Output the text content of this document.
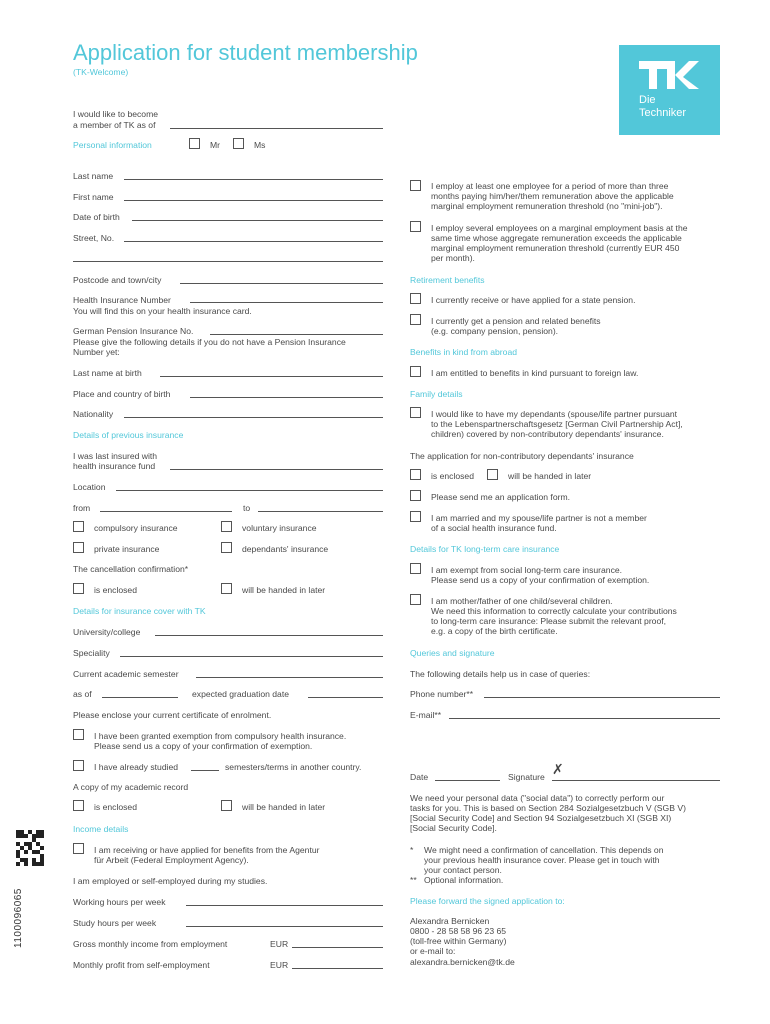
Application for student membership
(TK-Welcome)
Die
Techniker
I would like to become
a member of TK as of
Personal information	Mr	Ms
Last name
First name
Date of birth
Street, No.
Postcode and town/city
Health Insurance Number
You will find this on your health insurance card.
German Pension Insurance No.
Please give the following details if you do not have a Pension Insurance
Number yet:
Last name at birth
Place and country of birth
Nationality
Details of previous insurance
I was last insured with
health insurance fund
Location
from	to
compulsory insurance	voluntary insurance
private insurance	dependants' insurance
The cancellation confirmation*
is enclosed	will be handed in later
Details for insurance cover with TK
University/college
Speciality
Current academic semester
as of	expected graduation date
Please enclose your current certificate of enrolment.
I have been granted exemption from compulsory health insurance.
Please send us a copy of your confirmation of exemption.
I have already studied	semesters/terms in another country.
A copy of my academic record
is enclosed	will be handed in later
Income details
I am receiving or have applied for benefits from the Agentur
für Arbeit (Federal Employment Agency).
I am employed or self-employed during my studies.
Working hours per week
Study hours per week
Gross monthly income from employment	EUR
Monthly profit from self-employment	EUR
1100096065
I employ at least one employee for a period of more than three
months paying him/her/them remuneration above the applicable
marginal employment remuneration threshold (no "mini-job").
I employ several employees on a marginal employment basis at the
same time whose aggregate remuneration exceeds the applicable
marginal employment remuneration threshold (currently EUR 450
per month).
Retirement benefits
I currently receive or have applied for a state pension.
I currently get a pension and related benefits
(e.g. company pension, pension).
Benefits in kind from abroad
I am entitled to benefits in kind pursuant to foreign law.
Family details
I would like to have my dependants (spouse/life partner pursuant
to the Lebenspartnerschaftsgesetz [German Civil Partnership Act],
children) covered by non-contributory dependants' insurance.
The application for non-contributory dependants' insurance
is enclosed	will be handed in later
Please send me an application form.
I am married and my spouse/life partner is not a member
of a social health insurance fund.
Details for TK long-term care insurance
I am exempt from social long-term care insurance.
Please send us a copy of your confirmation of exemption.
I am mother/father of one child/several children.
We need this information to correctly calculate your contributions
to long-term care insurance: Please submit the relevant proof,
e.g. a copy of the birth certificate.
Queries and signature
The following details help us in case of queries:
Phone number**
E-mail**
Date	Signature ✗
We need your personal data ("social data") to correctly perform our
tasks for you. This is based on Section 284 Sozialgesetzbuch V (SGB V)
[Social Security Code] and Section 94 Sozialgesetzbuch XI (SGB XI)
[Social Security Code].
* We might need a confirmation of cancellation. This depends on
your previous health insurance cover. Please get in touch with
your contact person.
** Optional information.
Please forward the signed application to:
Alexandra Bernicken
0800 - 28 58 58 96 23 65
(toll-free within Germany)
or e-mail to:
alexandra.bernicken@tk.de
